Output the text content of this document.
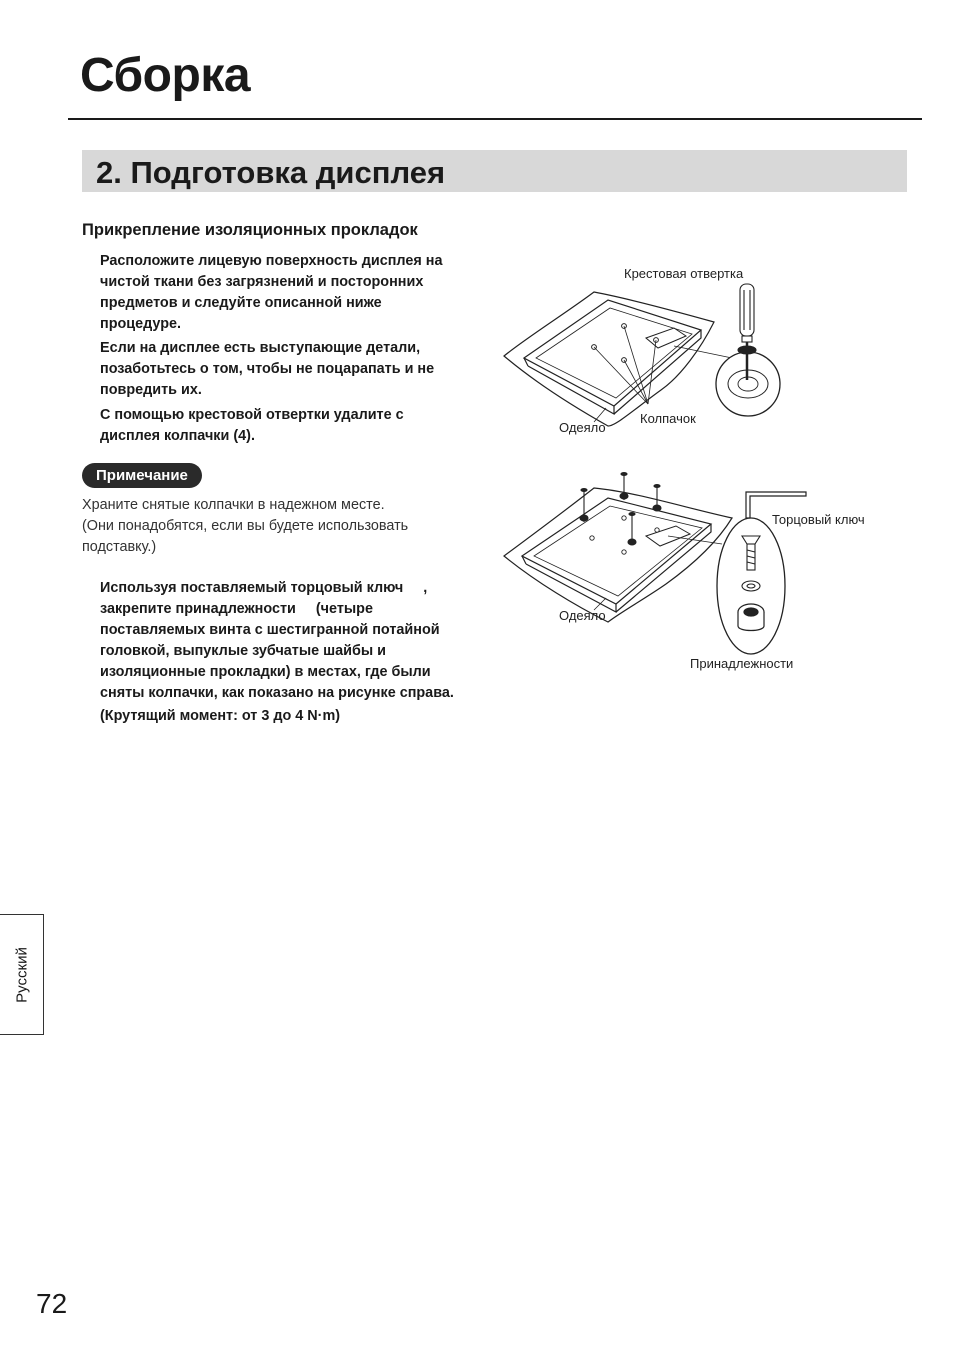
Сборка
2. Подготовка дисплея
Прикрепление изоляционных прокладок
Расположите лицевую поверхность дисплея на
чистой ткани без загрязнений и посторонних
предметов и следуйте описанной ниже
процедуре.
Если на дисплее есть выступающие детали,
позаботьтесь о том, чтобы не поцарапать и не
повредить их.
С помощью крестовой отвертки удалите с
дисплея колпачки (4).
Примечание
Храните снятые колпачки в надежном месте.
(Они понадобятся, если вы будете использовать
подставку.)
Используя поставляемый торцовый ключ     ,
закрепите принадлежности     (четыре
поставляемых винта с шестигранной потайной
головкой, выпуклые зубчатые шайбы и
изоляционные прокладки) в местах, где были
сняты колпачки, как показано на рисунке справа.
(Крутящий момент: от 3 до 4 N·m)
Крестовая отвертка
Одеяло
Колпачок
Торцовый ключ
Одеяло
Принадлежности
Русский
72
